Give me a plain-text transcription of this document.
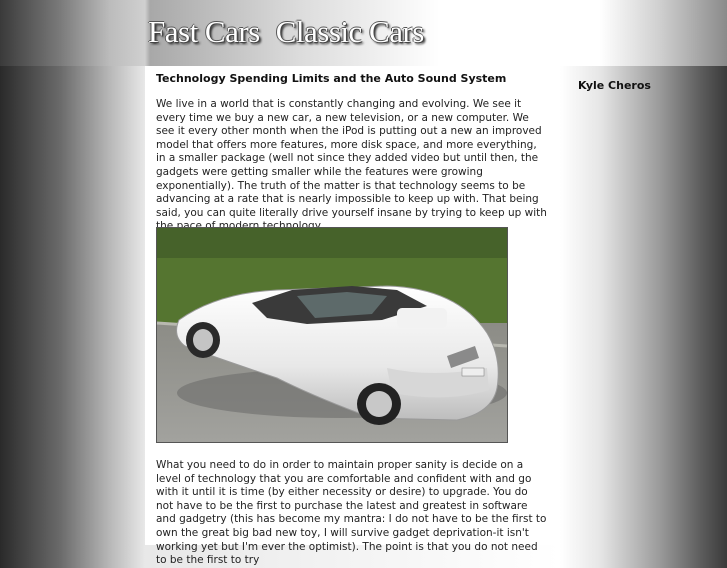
Fast Cars Classic Cars
Technology Spending Limits and the Auto Sound System

We live in a world that is constantly changing and evolving. We see it every time we buy a new car, a new television, or a new computer. We see it every other month when the iPod is putting out a new an improved model that offers more features, more disk space, and more everything, in a smaller package (well not since they added video but until then, the gadgets were getting smaller while the features were growing exponentially). The truth of the matter is that technology seems to be advancing at a rate that is nearly impossible to keep up with. That being said, you can quite literally drive yourself insane by trying to keep up with

What you need to do in order to maintain proper sanity is decide on a level of technology that you are comfortable and confident with and go with it until it is time (by either necessity or desire) to upgrade. You do not have to be the first to purchase the latest and greatest in software and gadgetry (this has become my mantra: I do not have to be the first to own the great big bad new toy, I will survive gadget deprivation-it isn't working yet but I'm ever the optimist). The point is that you do not need to be the first to try

Kyle Cheros
